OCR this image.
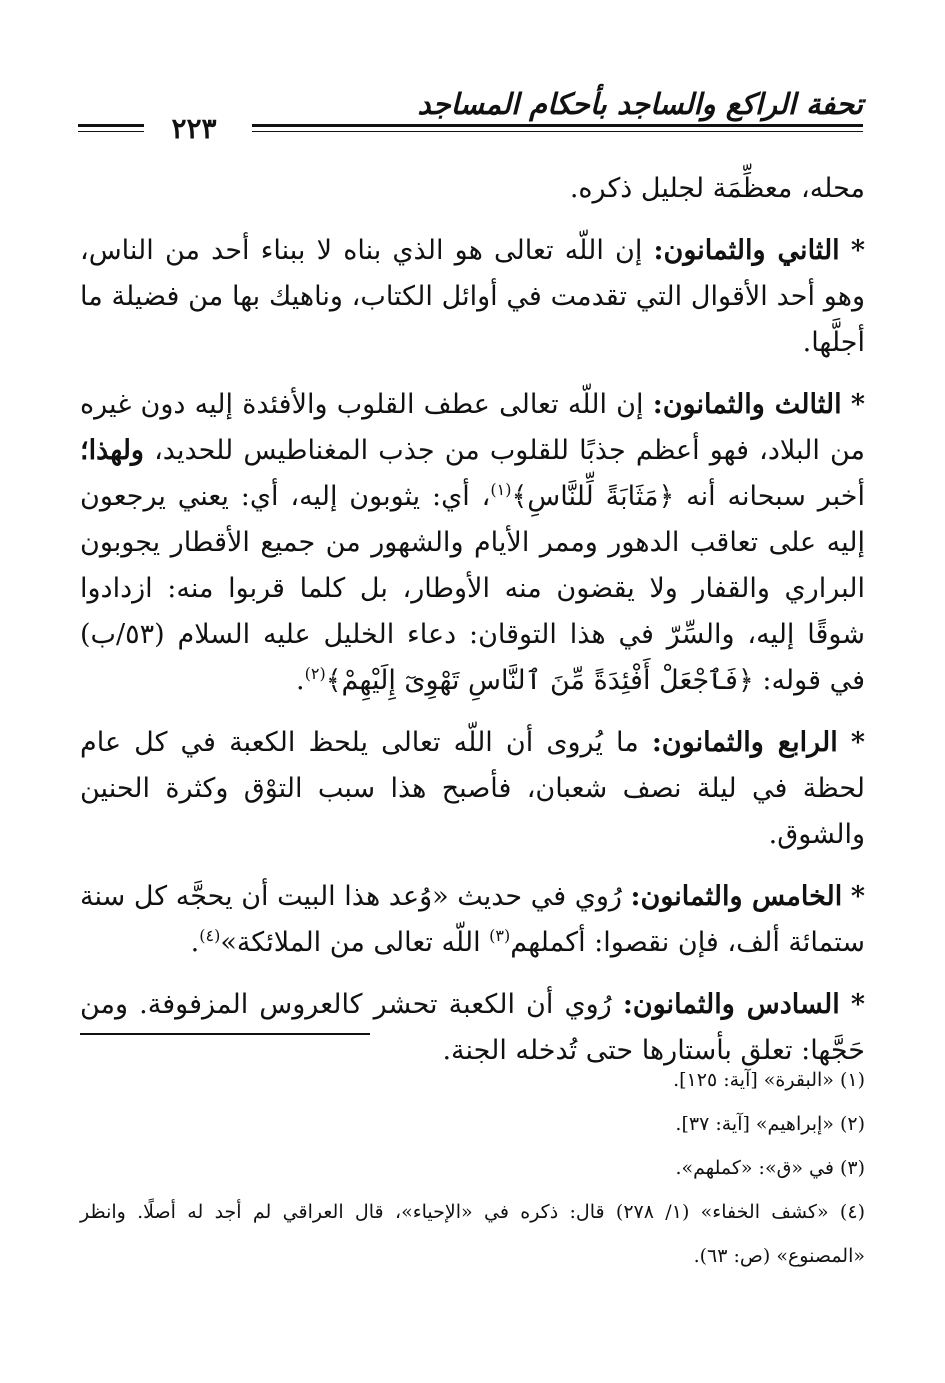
تحفة الراكع والساجد بأحكام المساجد
٢٢٣

محله، معظِّمَة لجليل ذكره.

* الثاني والثمانون: إن اللّه تعالى هو الذي بناه لا ببناء أحد من الناس، وهو أحد الأقوال التي تقدمت في أوائل الكتاب، وناهيك بها من فضيلة ما أجلَّها.

* الثالث والثمانون: إن اللّه تعالى عطف القلوب والأفئدة إليه دون غيره من البلاد، فهو أعظم جذبًا للقلوب من جذب المغناطيس للحديد، ولهذا؛ أخبر سبحانه أنه ﴿مَثَابَةً لِّلنَّاسِ﴾$^{(١)}$، أي: يثوبون إليه، أي: يعني يرجعون إليه على تعاقب الدهور وممر الأيام والشهور من جميع الأقطار يجوبون البراري والقفار ولا يقضون منه الأوطار، بل كلما قربوا منه: ازدادوا شوقًا إليه، والسِّرّ في هذا التوقان: دعاء الخليل عليه السلام (٥٣/ب) في قوله: ﴿فَٱجْعَلْ أَفْئِدَةً مِّنَ ٱلنَّاسِ تَهْوِىٓ إِلَيْهِمْ﴾$^{(٢)}$.

* الرابع والثمانون: ما يُروى أن اللّه تعالى يلحظ الكعبة في كل عام لحظة في ليلة نصف شعبان، فأصبح هذا سبب التوْق وكثرة الحنين والشوق.

* الخامس والثمانون: رُوي في حديث «وُعد هذا البيت أن يحجَّه كل سنة ستمائة ألف، فإن نقصوا: أكملهم$^{(٣)}$ اللّه تعالى من الملائكة»$^{(٤)}$.

* السادس والثمانون: رُوي أن الكعبة تحشر كالعروس المزفوفة. ومن حَجَّها: تعلق بأستارها حتى تُدخله الجنة.

(١) «البقرة» [آية: ١٢٥].

(٢) «إبراهيم» [آية: ٣٧].

(٣) في «ق»: «كملهم».

(٤) «كشف الخفاء» (١/ ٢٧٨) قال: ذكره في «الإحياء»، قال العراقي لم أجد له أصلًا. وانظر «المصنوع» (ص: ٦٣).
